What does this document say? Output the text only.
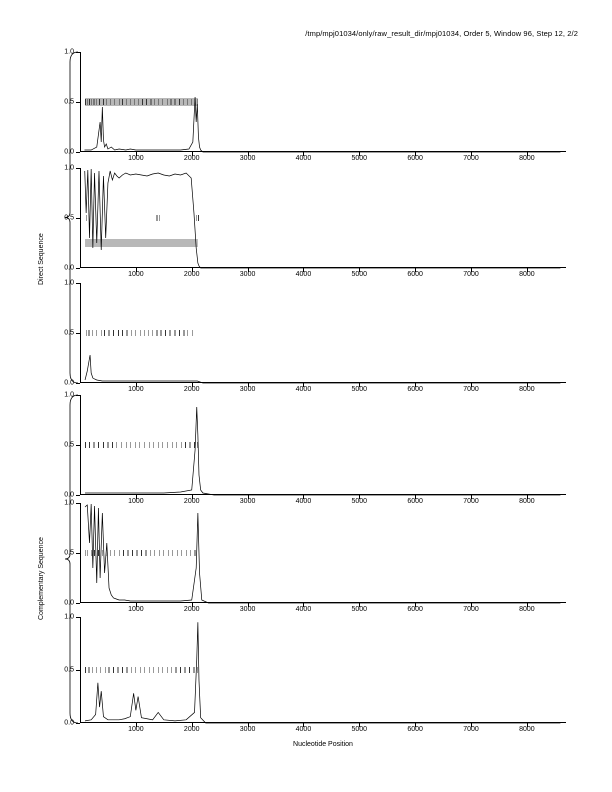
/tmp/mpj01034/only/raw_result_dir/mpj01034, Order 5, Window 96, Step 12, 2/2
Direct Sequence
Complementary Sequence
Nucleotide Position
0.0
0.5
1.0
1000	2000	3000	4000	5000	6000	7000	8000
0.0
0.5
1.0
1000	2000	3000	4000	5000	6000	7000	8000
0.0
0.5
1.0
1000	2000	3000	4000	5000	6000	7000	8000
0.0
0.5
1.0
1000	2000	3000	4000	5000	6000	7000	8000
0.0
0.5
1.0
1000	2000	3000	4000	5000	6000	7000	8000
0.0
0.5
1.0
1000	2000	3000	4000	5000	6000	7000	8000
